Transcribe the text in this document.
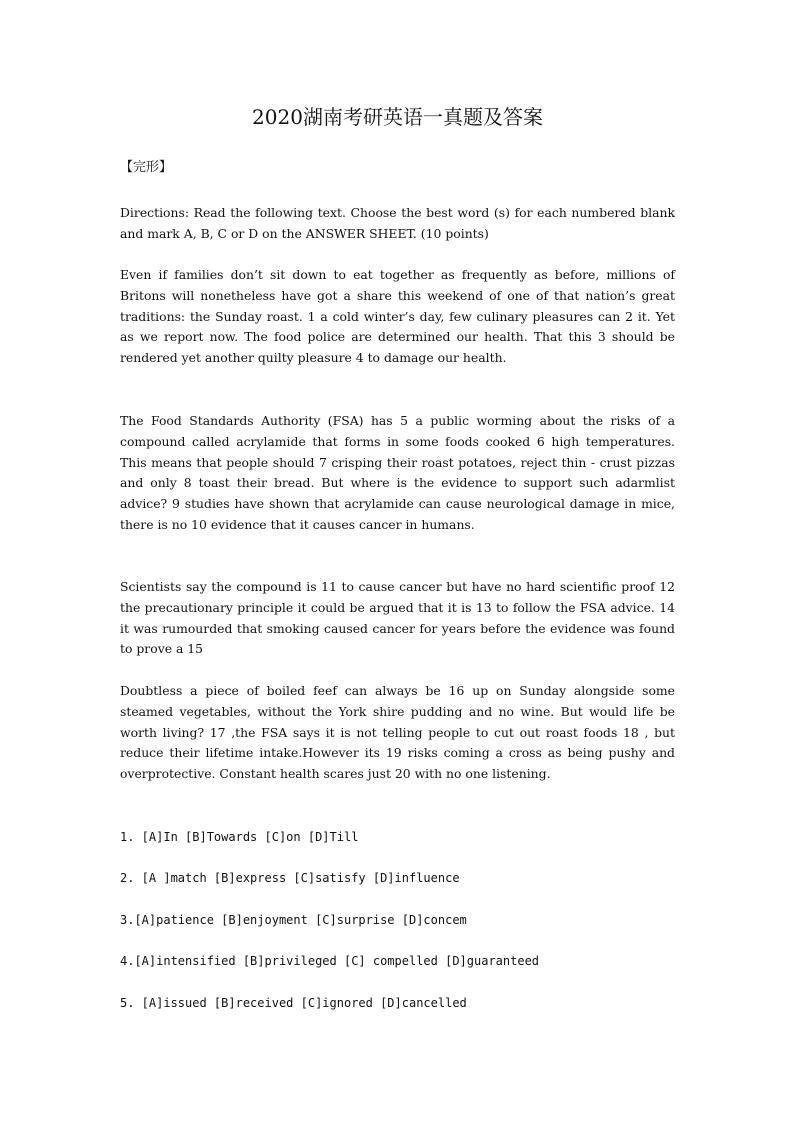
2020湖南考研英语一真题及答案
【完形】

Directions: Read the following text. Choose the best word (s) for each numbered blank and mark A, B, C or D on the ANSWER SHEET. (10 points)

Even if families don’t sit down to eat together as frequently as before, millions of Britons will nonetheless have got a share this weekend of one of that nation’s great traditions: the Sunday roast. 1 a cold winter’s day, few culinary pleasures can 2 it. Yet as we report now. The food police are determined our health. That this 3 should be rendered yet another quilty pleasure 4 to damage our health.

The Food Standards Authority (FSA) has 5 a public worming about the risks of a compound called acrylamide that forms in some foods cooked 6 high temperatures. This means that people should 7 crisping their roast potatoes, reject thin - crust pizzas and only 8 toast their bread. But where is the evidence to support such adarmlist advice? 9 studies have shown that acrylamide can cause neurological damage in mice, there is no 10 evidence that it causes cancer in humans.

Scientists say the compound is 11 to cause cancer but have no hard scientific proof 12 the precautionary principle it could be argued that it is 13 to follow the FSA advice. 14 it was rumourded that smoking caused cancer for years before the evidence was found to prove a 15

Doubtless a piece of boiled feef can always be 16 up on Sunday alongside some steamed vegetables, without the York shire pudding and no wine. But would life be worth living? 17 ,the FSA says it is not telling people to cut out roast foods 18 , but reduce their lifetime intake.However its 19 risks coming a cross as being pushy and overprotective. Constant health scares just 20 with no one listening.

1. [A]In [B]Towards [C]on [D]Till
2. [A ]match [B]express [C]satisfy [D]influence
3.[A]patience [B]enjoyment [C]surprise [D]concem
4.[A]intensified [B]privileged [C] compelled [D]guaranteed
5. [A]issued [B]received [C]ignored [D]cancelled
